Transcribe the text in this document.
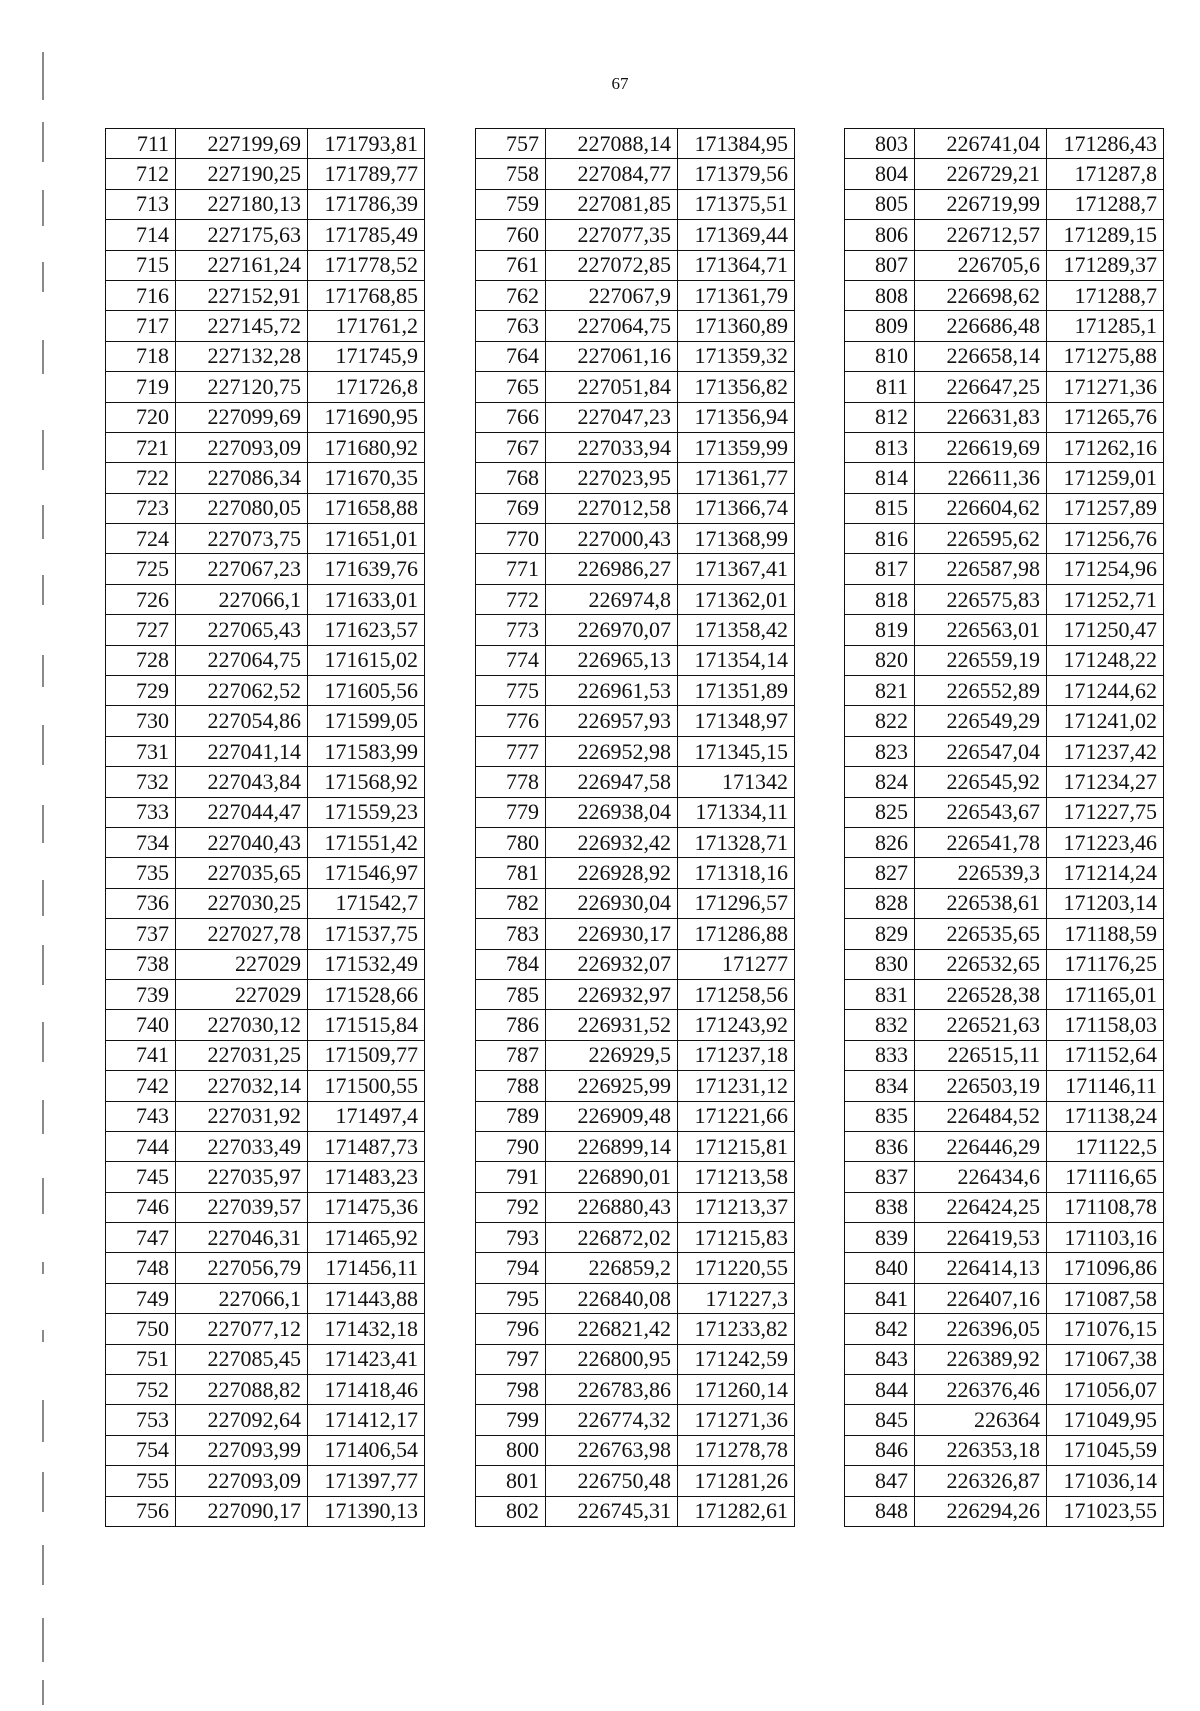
67
711	227199,69	171793,81
712	227190,25	171789,77
713	227180,13	171786,39
714	227175,63	171785,49
715	227161,24	171778,52
716	227152,91	171768,85
717	227145,72	171761,2
718	227132,28	171745,9
719	227120,75	171726,8
720	227099,69	171690,95
721	227093,09	171680,92
722	227086,34	171670,35
723	227080,05	171658,88
724	227073,75	171651,01
725	227067,23	171639,76
726	227066,1	171633,01
727	227065,43	171623,57
728	227064,75	171615,02
729	227062,52	171605,56
730	227054,86	171599,05
731	227041,14	171583,99
732	227043,84	171568,92
733	227044,47	171559,23
734	227040,43	171551,42
735	227035,65	171546,97
736	227030,25	171542,7
737	227027,78	171537,75
738	227029	171532,49
739	227029	171528,66
740	227030,12	171515,84
741	227031,25	171509,77
742	227032,14	171500,55
743	227031,92	171497,4
744	227033,49	171487,73
745	227035,97	171483,23
746	227039,57	171475,36
747	227046,31	171465,92
748	227056,79	171456,11
749	227066,1	171443,88
750	227077,12	171432,18
751	227085,45	171423,41
752	227088,82	171418,46
753	227092,64	171412,17
754	227093,99	171406,54
755	227093,09	171397,77
756	227090,17	171390,13
757	227088,14	171384,95
758	227084,77	171379,56
759	227081,85	171375,51
760	227077,35	171369,44
761	227072,85	171364,71
762	227067,9	171361,79
763	227064,75	171360,89
764	227061,16	171359,32
765	227051,84	171356,82
766	227047,23	171356,94
767	227033,94	171359,99
768	227023,95	171361,77
769	227012,58	171366,74
770	227000,43	171368,99
771	226986,27	171367,41
772	226974,8	171362,01
773	226970,07	171358,42
774	226965,13	171354,14
775	226961,53	171351,89
776	226957,93	171348,97
777	226952,98	171345,15
778	226947,58	171342
779	226938,04	171334,11
780	226932,42	171328,71
781	226928,92	171318,16
782	226930,04	171296,57
783	226930,17	171286,88
784	226932,07	171277
785	226932,97	171258,56
786	226931,52	171243,92
787	226929,5	171237,18
788	226925,99	171231,12
789	226909,48	171221,66
790	226899,14	171215,81
791	226890,01	171213,58
792	226880,43	171213,37
793	226872,02	171215,83
794	226859,2	171220,55
795	226840,08	171227,3
796	226821,42	171233,82
797	226800,95	171242,59
798	226783,86	171260,14
799	226774,32	171271,36
800	226763,98	171278,78
801	226750,48	171281,26
802	226745,31	171282,61
803	226741,04	171286,43
804	226729,21	171287,8
805	226719,99	171288,7
806	226712,57	171289,15
807	226705,6	171289,37
808	226698,62	171288,7
809	226686,48	171285,1
810	226658,14	171275,88
811	226647,25	171271,36
812	226631,83	171265,76
813	226619,69	171262,16
814	226611,36	171259,01
815	226604,62	171257,89
816	226595,62	171256,76
817	226587,98	171254,96
818	226575,83	171252,71
819	226563,01	171250,47
820	226559,19	171248,22
821	226552,89	171244,62
822	226549,29	171241,02
823	226547,04	171237,42
824	226545,92	171234,27
825	226543,67	171227,75
826	226541,78	171223,46
827	226539,3	171214,24
828	226538,61	171203,14
829	226535,65	171188,59
830	226532,65	171176,25
831	226528,38	171165,01
832	226521,63	171158,03
833	226515,11	171152,64
834	226503,19	171146,11
835	226484,52	171138,24
836	226446,29	171122,5
837	226434,6	171116,65
838	226424,25	171108,78
839	226419,53	171103,16
840	226414,13	171096,86
841	226407,16	171087,58
842	226396,05	171076,15
843	226389,92	171067,38
844	226376,46	171056,07
845	226364	171049,95
846	226353,18	171045,59
847	226326,87	171036,14
848	226294,26	171023,55
